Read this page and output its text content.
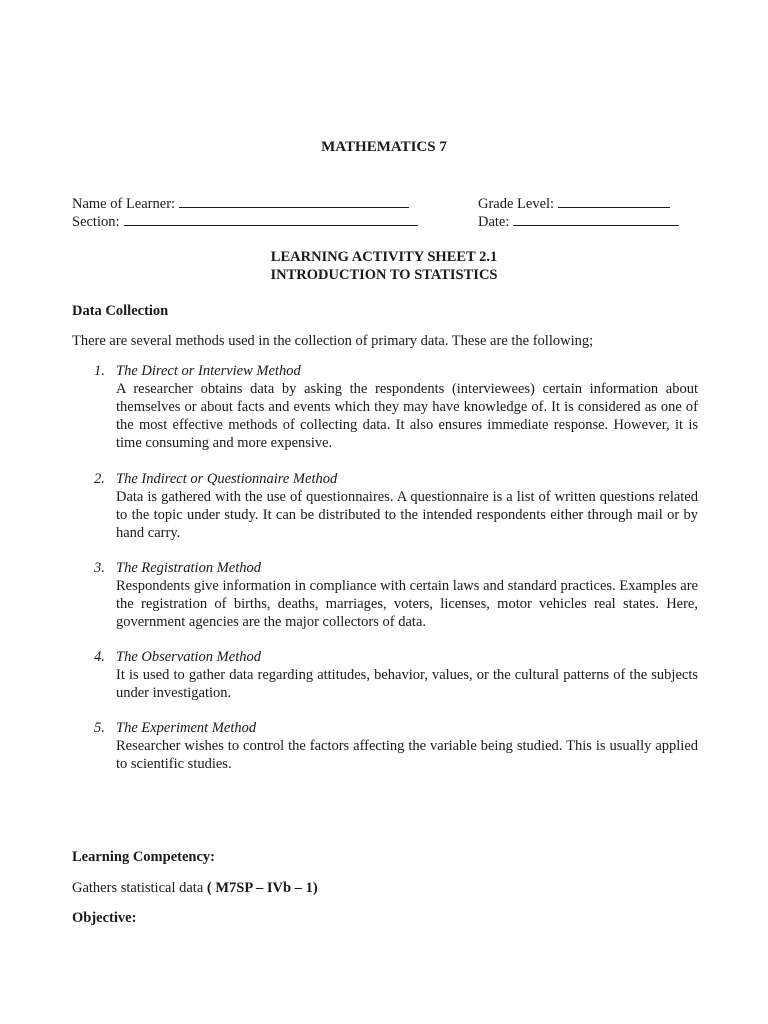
MATHEMATICS 7
Name of Learner:
Section:
Grade Level:
Date:
LEARNING ACTIVITY SHEET 2.1
INTRODUCTION TO STATISTICS
Data Collection
There are several methods used in the collection of primary data. These are the following;
1. The Direct or Interview Method
A researcher obtains data by asking the respondents (interviewees) certain information about themselves or about facts and events which they may have knowledge of. It is considered as one of the most effective methods of collecting data. It also ensures immediate response. However, it is time consuming and more expensive.
2. The Indirect or Questionnaire Method
Data is gathered with the use of questionnaires. A questionnaire is a list of written questions related to the topic under study. It can be distributed to the intended respondents either through mail or by hand carry.
3. The Registration Method
Respondents give information in compliance with certain laws and standard practices. Examples are the registration of births, deaths, marriages, voters, licenses, motor vehicles real states. Here, government agencies are the major collectors of data.
4. The Observation Method
It is used to gather data regarding attitudes, behavior, values, or the cultural patterns of the subjects under investigation.
5. The Experiment Method
Researcher wishes to control the factors affecting the variable being studied. This is usually applied to scientific studies.
Learning Competency:
Gathers statistical data ( M7SP – IVb – 1)
Objective:
